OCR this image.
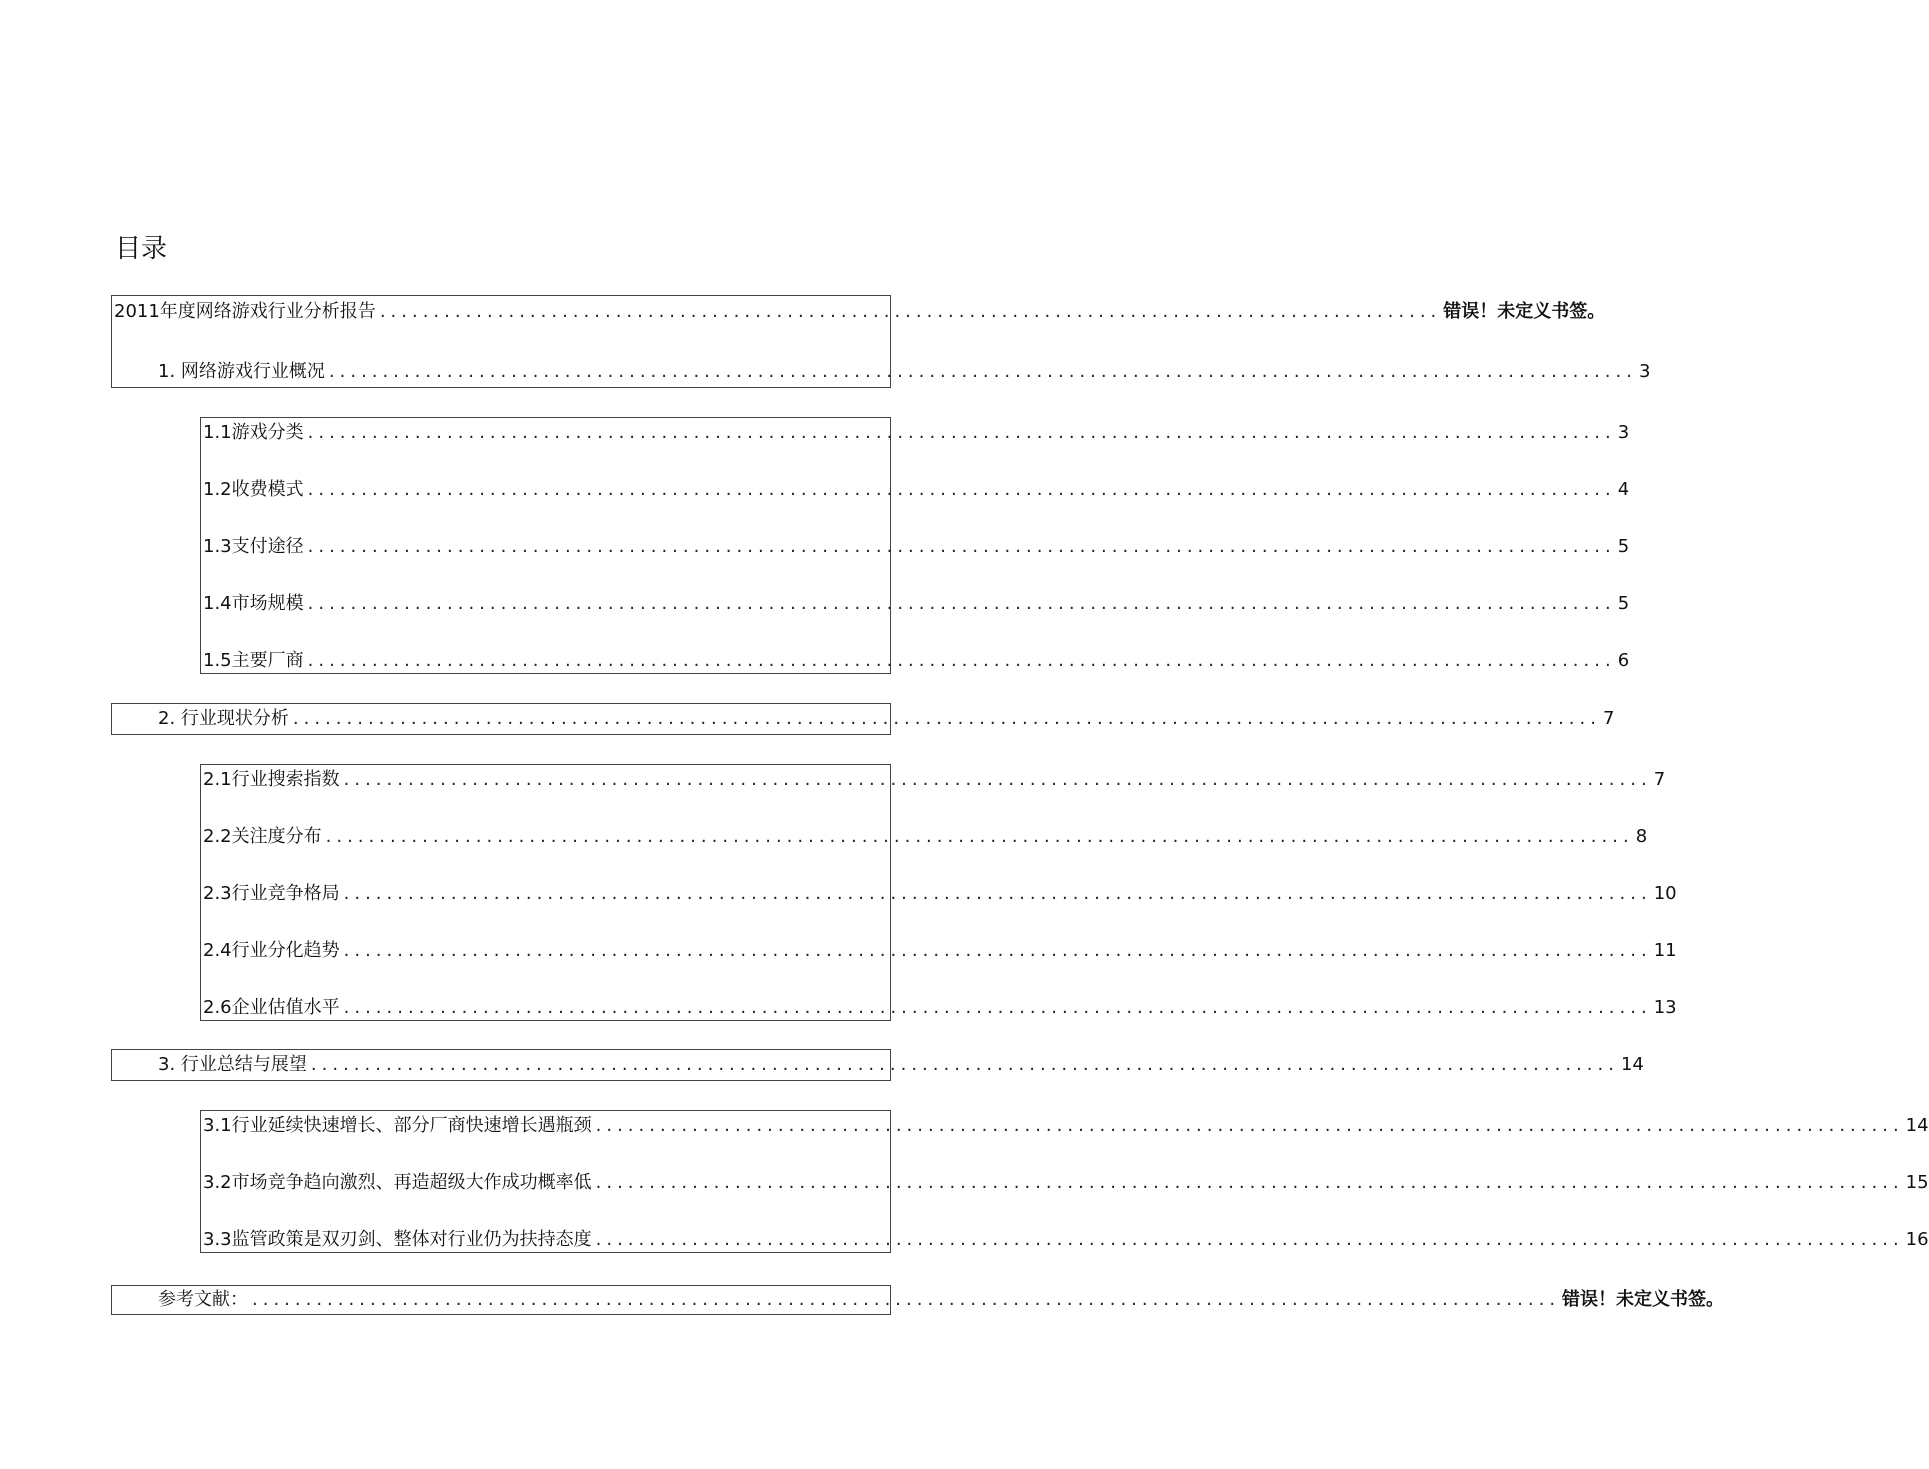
目录
2011年度网络游戏行业分析报告 ................................................................................................... 错误！未定义书签。
1. 网络游戏行业概况 .......................................................................................................................... 3
1.1游戏分类 .......................................................................................................................... 3
1.2收费模式 .......................................................................................................................... 4
1.3支付途径 .......................................................................................................................... 5
1.4市场规模 .......................................................................................................................... 5
1.5主要厂商 .......................................................................................................................... 6
2. 行业现状分析 .......................................................................................................................... 7
2.1行业搜索指数 .......................................................................................................................... 7
2.2关注度分布 .......................................................................................................................... 8
2.3行业竞争格局 .......................................................................................................................... 10
2.4行业分化趋势 .......................................................................................................................... 11
2.6企业估值水平 .......................................................................................................................... 13
3. 行业总结与展望 .......................................................................................................................... 14
3.1行业延续快速增长、部分厂商快速增长遇瓶颈 .......................................................................................................................... 14
3.2市场竞争趋向激烈、再造超级大作成功概率低 .......................................................................................................................... 15
3.3监管政策是双刃剑、整体对行业仍为扶持态度 .......................................................................................................................... 16
参考文献： .......................................................................................................................... 错误！未定义书签。
